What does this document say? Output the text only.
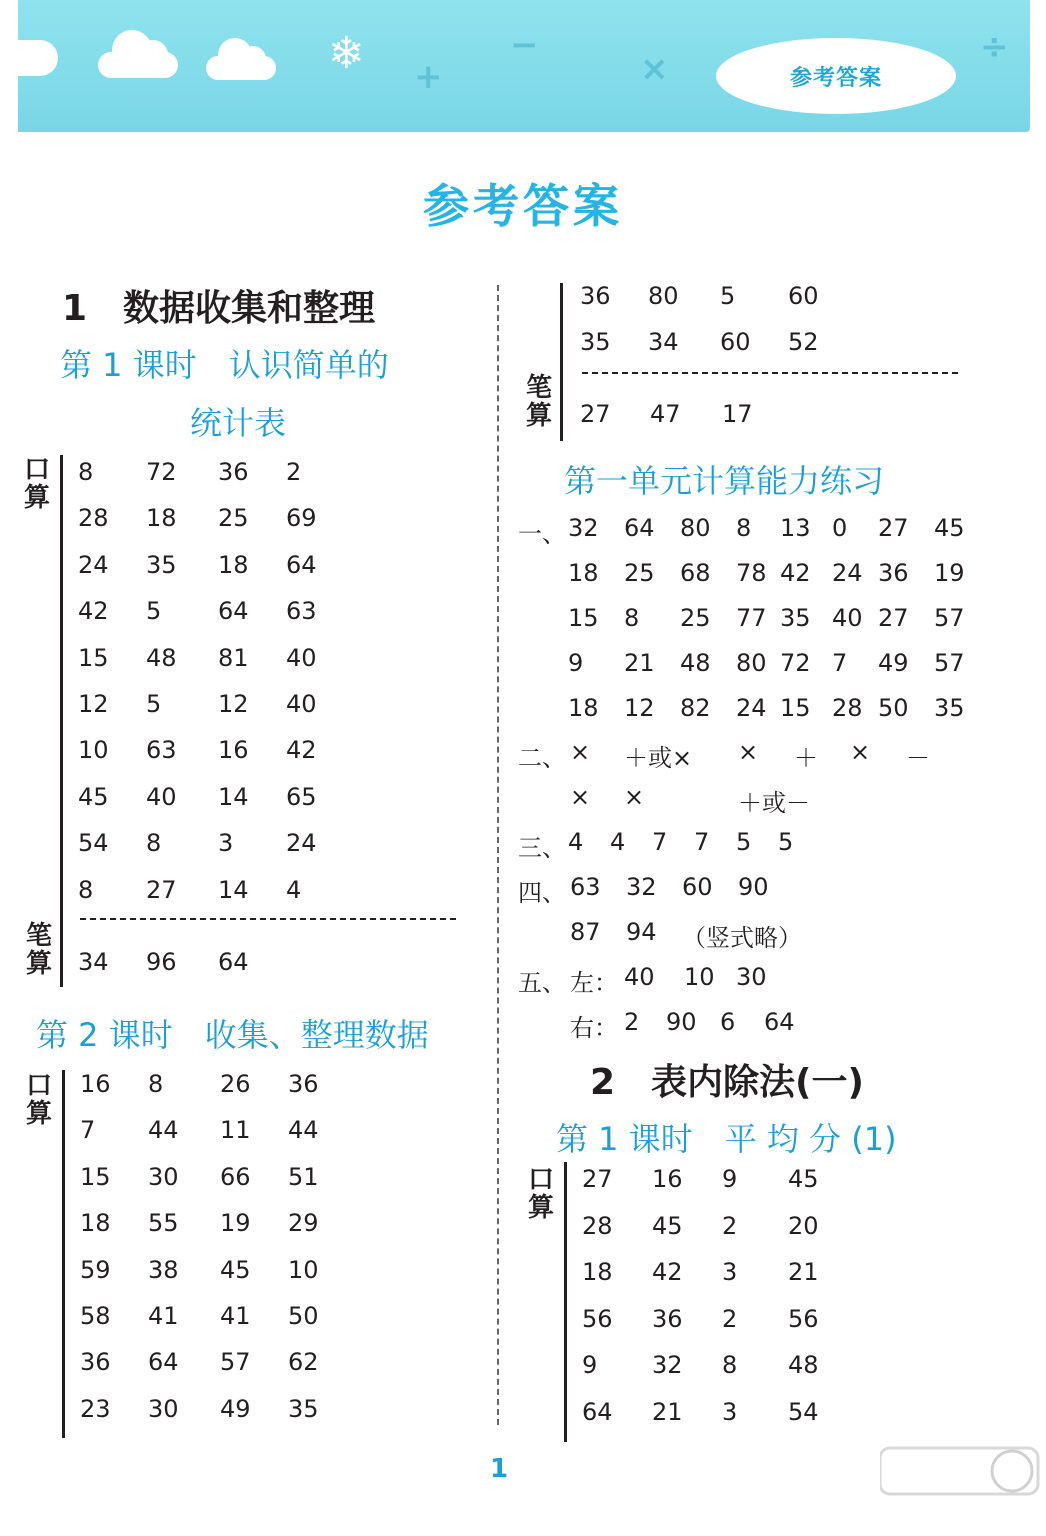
❄ +
−
×
÷
参考答案
参考答案
1　数据收集和整理
第 1 课时　认识简单的
统计表
口
算
8 72 36 2
28 18 25 69
24 35 18 64
42 5 64 63
15 48 81 40
12 5 12 40
10 63 16 42
45 40 14 65
54 8 3 24
8 27 14 4
笔
算 34 96 64
第 2 课时　收集、整理数据
口
算
16 8 26 36
7 44 11 44
15 30 66 51
18 55 19 29
59 38 45 10
58 41 41 50
36 64 57 62
23 30 49 35
36 80 5 60
35 34 60 52
笔
算 27 47 17
第一单元计算能力练习
一、 32 64 80 8 13 0 27 45
18 25 68 78 42 24 36 19
15 8 25 77 35 40 27 57
9 21 48 80 72 7 49 57
18 12 82 24 15 28 50 35
二、 × ＋或× × ＋ × －
× ×	＋或－
三、 4 4 7 7 5 5
四、 63 32 60 90
87 94 （竖式略）
五、 左： 40 10 30
右： 2 90 6 64
2　表内除法(一)
第 1 课时　平 均 分 (1)
口
算
27 16 9 45
28 45 2 20
18 42 3 21
56 36 2 56
9 32 8 48
64 21 3 54
1
